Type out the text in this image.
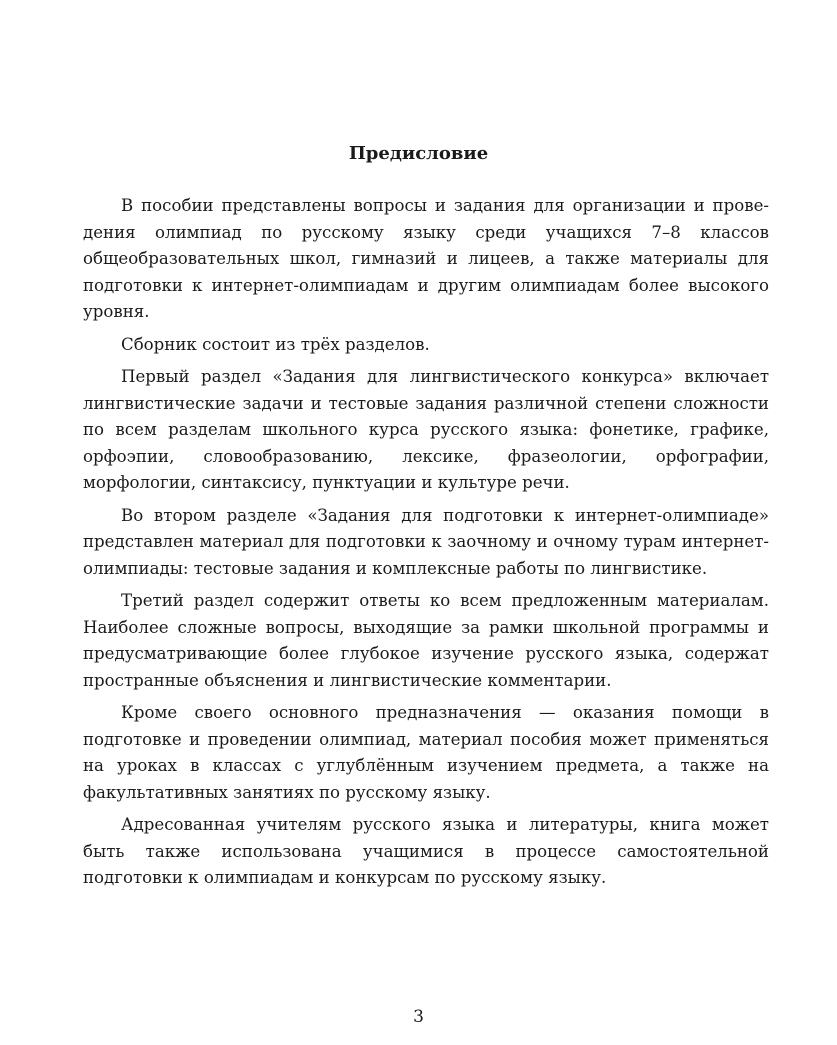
Предисловие

В пособии представлены вопросы и задания для организации и проведения олимпиад по русскому языку среди учащихся 7–8 классов общеобразовательных школ, гимназий и лицеев, а также материалы для подготовки к интернет-олимпиадам и другим олимпиадам более высокого уровня.

Сборник состоит из трёх разделов.

Первый раздел «Задания для лингвистического конкурса» включает лингвистические задачи и тестовые задания различной степени сложности по всем разделам школьного курса русского языка: фонетике, графике, орфоэпии, словообразованию, лексике, фразеологии, орфографии, морфологии, синтаксису, пунктуации и культуре речи.

Во втором разделе «Задания для подготовки к интернет-олимпиаде» представлен материал для подготовки к заочному и очному турам интернет-олимпиады: тестовые задания и комплексные работы по лингвистике.

Третий раздел содержит ответы ко всем предложенным материалам. Наиболее сложные вопросы, выходящие за рамки школьной программы и предусматривающие более глубокое изучение русского языка, содержат пространные объяснения и лингвистические комментарии.

Кроме своего основного предназначения — оказания помощи в подготовке и проведении олимпиад, материал пособия может применяться на уроках в классах с углублённым изучением предмета, а также на факультативных занятиях по русскому языку.

Адресованная учителям русского языка и литературы, книга может быть также использована учащимися в процессе самостоятельной подготовки к олимпиадам и конкурсам по русскому языку.

3
